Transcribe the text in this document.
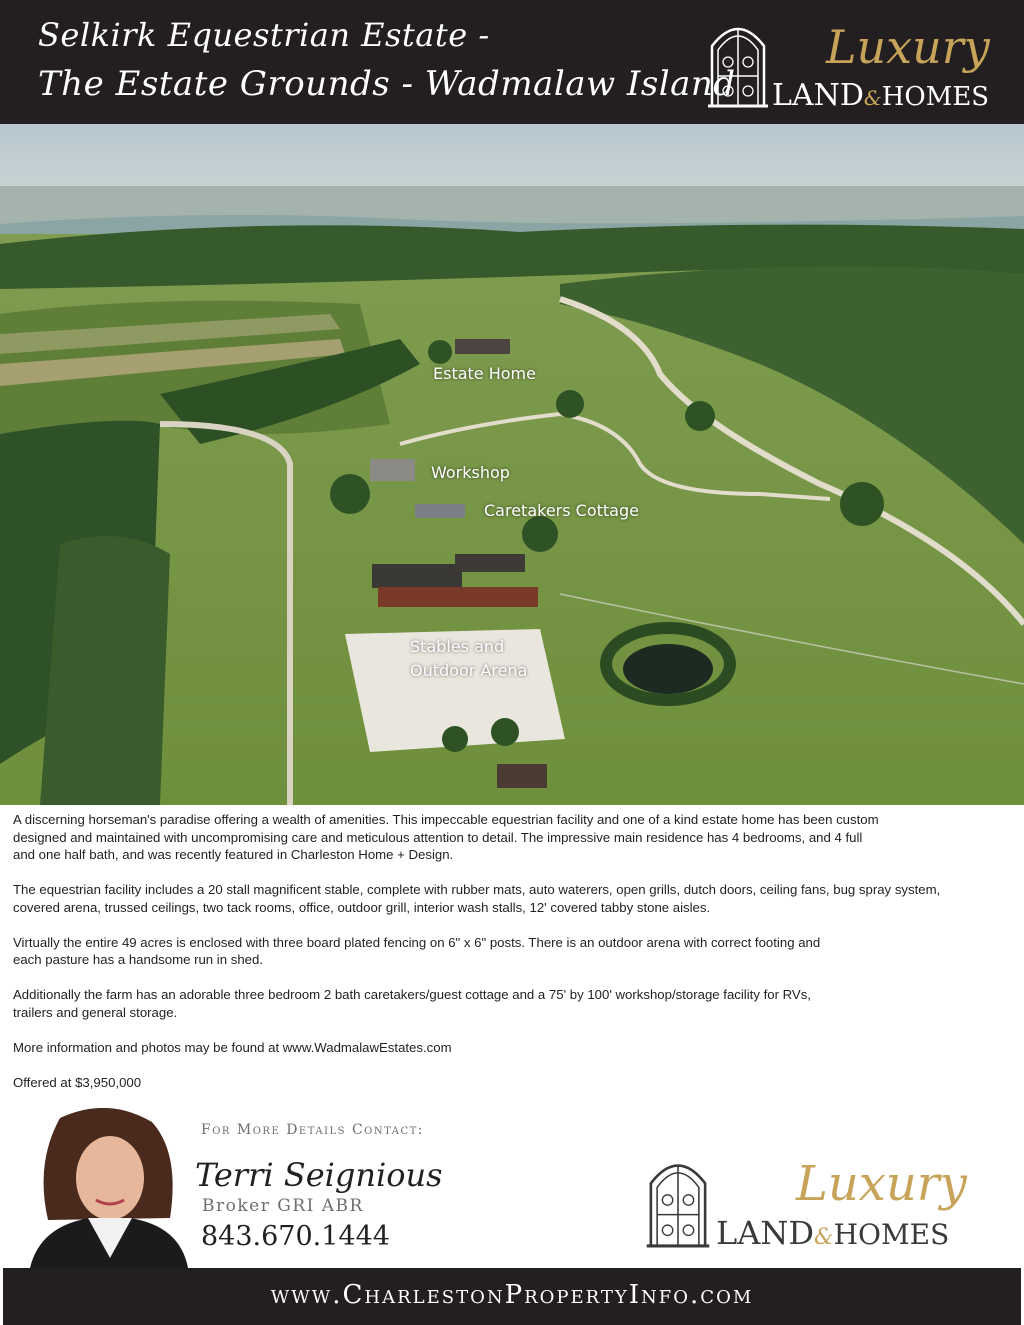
Selkirk Equestrian Estate -
The Estate Grounds - Wadmalaw Island
Luxury
LAND&HOMES
Estate Home
Workshop
Caretakers Cottage
Stables and
Outdoor Arena

A discerning horseman's paradise offering a wealth of amenities. This impeccable equestrian facility and one of a kind estate home has been custom
designed and maintained with uncompromising care and meticulous attention to detail. The impressive main residence has 4 bedrooms, and 4 full
and one half bath, and was recently featured in Charleston Home + Design.

The equestrian facility includes a 20 stall magnificent stable, complete with rubber mats, auto waterers, open grills, dutch doors, ceiling fans, bug spray system,
covered arena, trussed ceilings, two tack rooms, office, outdoor grill, interior wash stalls, 12' covered tabby stone aisles.

Virtually the entire 49 acres is enclosed with three board plated fencing on 6" x 6" posts. There is an outdoor arena with correct footing and
each pasture has a handsome run in shed.

Additionally the farm has an adorable three bedroom 2 bath caretakers/guest cottage and a 75' by 100' workshop/storage facility for RVs,
trailers and general storage.

More information and photos may be found at www.WadmalawEstates.com

Offered at $3,950,000

For More Details Contact:
Terri Seignious
Broker GRI ABR
843.670.1444
Luxury
LAND&HOMES
www.CharlestonPropertyInfo.com
